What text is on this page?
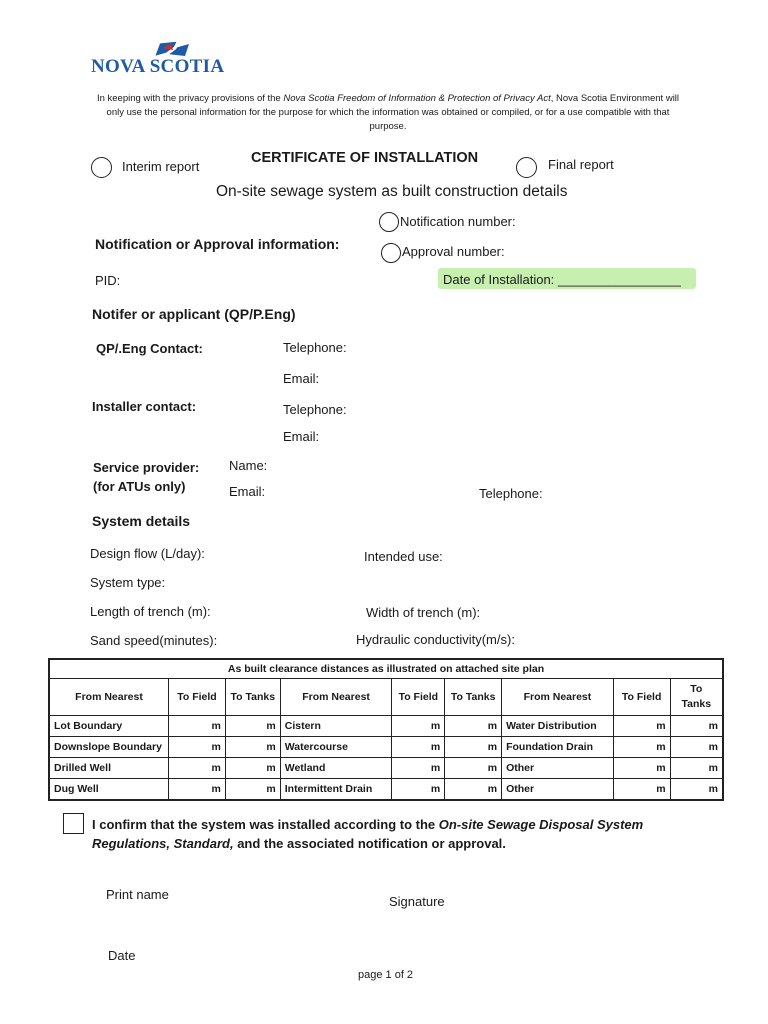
NOVA SCOTIA
In keeping with the privacy provisions of the Nova Scotia Freedom of Information & Protection of Privacy Act, Nova Scotia Environment will only use the personal information for the purpose for which the information was obtained or compiled, or for a use compatible with that purpose.
Interim report
CERTIFICATE OF INSTALLATION	Final report
On-site sewage system as built construction details
Notification number:
Notification or Approval information:	Approval number:
PID:	Date of Installation: _________________
Notifer or applicant (QP/P.Eng)
QP/.Eng Contact:	Telephone:
Email:
Installer contact:	Telephone:
Email:
Service provider:
(for ATUs only)
Name:
Email:	Telephone:
System details
Design flow (L/day):	Intended use:
System type:
Length of trench (m):	Width of trench (m):
Sand speed(minutes):	Hydraulic conductivity(m/s):
As built clearance distances as illustrated on attached site plan								
From Nearest	To Field	To Tanks	From Nearest	To Field	To Tanks	From Nearest	To Field	To Tanks
Lot Boundary	m	m	Cistern	m	m	Water Distribution	m	m
Downslope Boundary	m	m	Watercourse	m	m	Foundation Drain	m	m
Drilled Well	m	m	Wetland	m	m	Other	m	m
Dug Well	m	m	Intermittent Drain	m	m	Other	m	m
I confirm that the system was installed according to the On-site Sewage Disposal System Regulations, Standard, and the associated notification or approval.
Print name	Signature
Date
page 1 of 2
